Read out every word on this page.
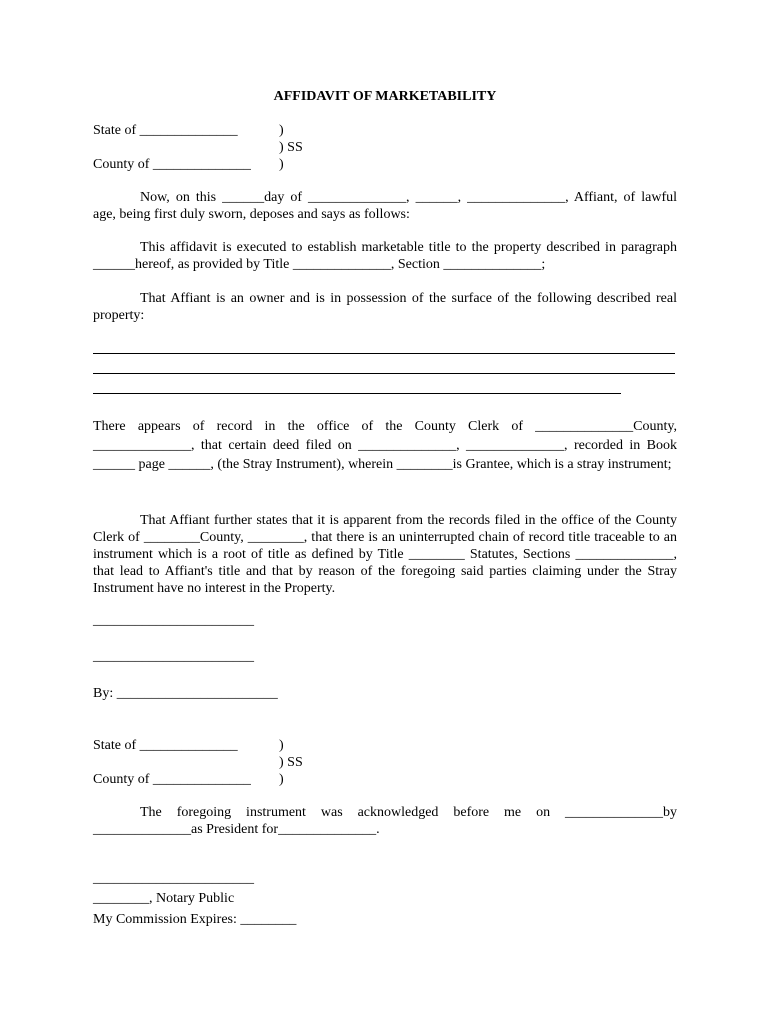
AFFIDAVIT OF MARKETABILITY

State of ______________	)

) SS

County of ______________ )

Now, on this ______day of ______________, ______, ______________, Affiant, of lawful age, being first duly sworn, deposes and says as follows:

This affidavit is executed to establish marketable title to the property described in paragraph ______hereof, as provided by Title ______________, Section ______________;

That Affiant is an owner and is in possession of the surface of the following described real property:

There appears of record in the office of the County Clerk of ______________County, ______________, that certain deed filed on ______________, ______________, recorded in Book ______ page ______, (the Stray Instrument), wherein ________is Grantee, which is a stray instrument;

That Affiant further states that it is apparent from the records filed in the office of the County Clerk of ________County, ________, that there is an uninterrupted chain of record title traceable to an instrument which is a root of title as defined by Title ________ Statutes, Sections ______________, that lead to Affiant's title and that by reason of the foregoing said parties claiming under the Stray Instrument have no interest in the Property.

_______________________

_______________________

By: _______________________

State of ______________	)

) SS

County of ______________ )

The foregoing instrument was acknowledged before me on ______________by ______________as President for______________.

_______________________

________, Notary Public

My Commission Expires: ________
